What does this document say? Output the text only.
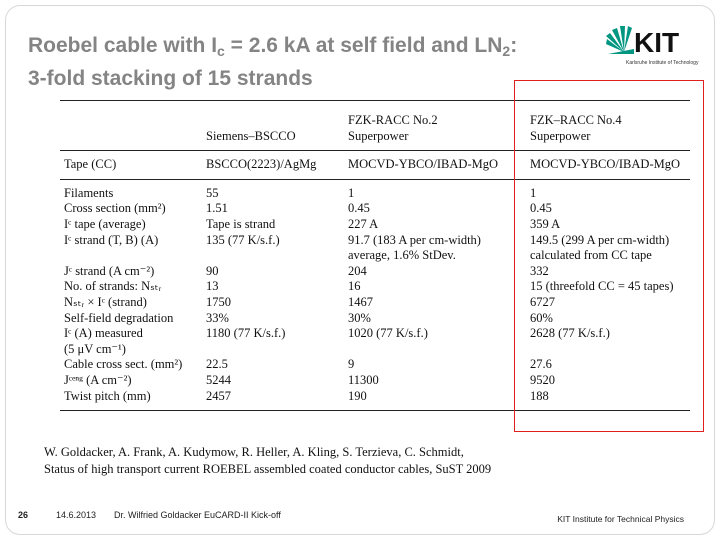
Roebel cable with $I_c = 2.6$ kA at self field and $LN_2$:
3-fold stacking of 15 strands
KIT
Karlsruhe Institute of Technology
		FZK-RACC No.2	FZK–RACC No.4
	Siemens–BSCCO	Superpower	Superpower
Tape (CC)	BSCCO(2223)/AgMg	MOCVD-YBCO/IBAD-MgO	MOCVD-YBCO/IBAD-MgO
Filaments	55	1	1
Cross section (mm²)	1.51	0.45	0.45
Iᶜ tape (average)	Tape is strand	227 A	359 A
Iᶜ strand (T, B) (A)	135 (77 K/s.f.)	91.7 (183 A per cm-width)	149.5 (299 A per cm-width)
		average, 1.6% StDev.	calculated from CC tape
Jᶜ strand (A cm⁻²)	90	204	332
No. of strands: Nₛₜᵣ	13	16	15 (threefold CC = 45 tapes)
Nₛₜᵣ × Iᶜ (strand)	1750	1467	6727
Self-field degradation	33%	30%	60%
Iᶜ (A) measured	1180 (77 K/s.f.)	1020 (77 K/s.f.)	2628 (77 K/s.f.)
(5 μV cm⁻¹)			
Cable cross sect. (mm²)	22.5	9	27.6
Jᶜᵉⁿᵍ (A cm⁻²)	5244	11300	9520
Twist pitch (mm)	2457	190	188
W. Goldacker, A. Frank, A. Kudymow, R. Heller, A. Kling, S. Terzieva, C. Schmidt,
Status of high transport current ROEBEL assembled coated conductor cables, SuST 2009
26	14.6.2013 Dr. Wilfried Goldacker EuCARD-II Kick-off	KIT Institute for Technical Physics
